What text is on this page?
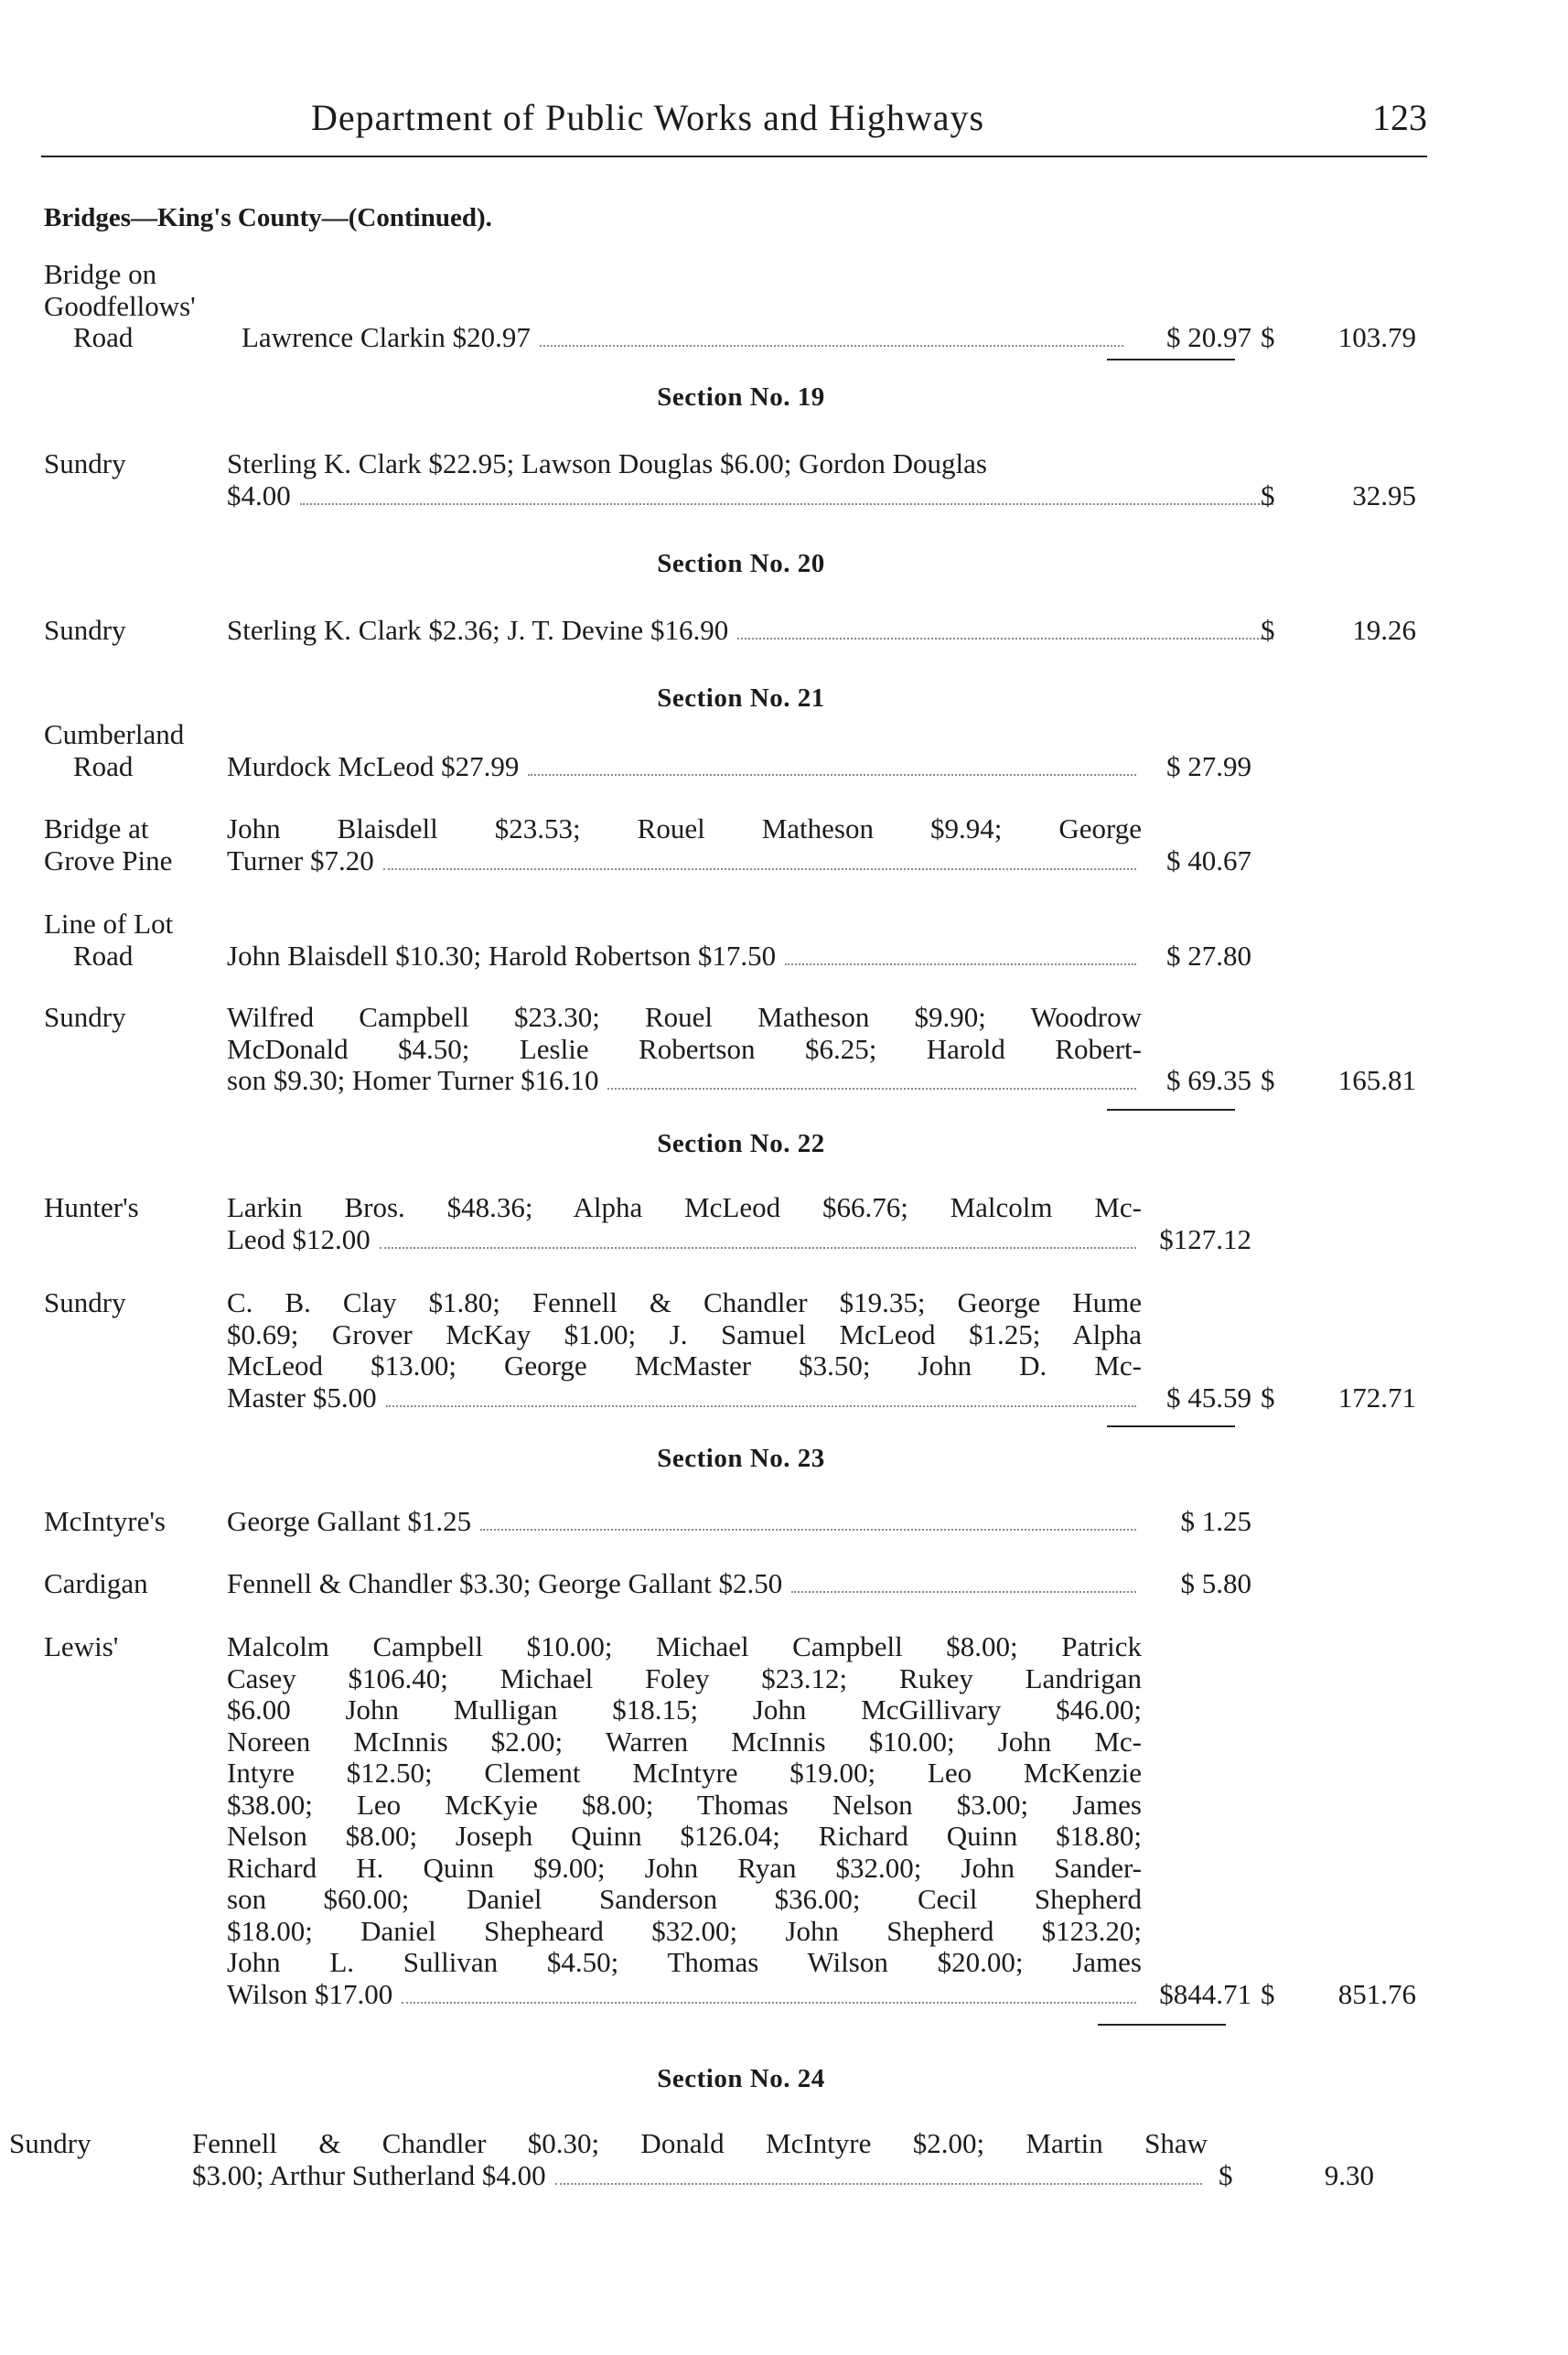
Department of Public Works and Highways	123
Bridges—King's County—(Continued).
Bridge on
Goodfellows'
Road	Lawrence Clarkin $20.97	$ 20.97 $ 103.79
Section No. 19
Sundry	Sterling K. Clark $22.95; Lawson Douglas $6.00; Gordon Douglas
$4.00	$	32.95
Section No. 20
Sundry	Sterling K. Clark $2.36; J. T. Devine $16.90	$	19.26
Section No. 21
Cumberland
Road	Murdock McLeod $27.99	$ 27.99
Bridge at
Grove Pine
John Blaisdell $23.53; Rouel Matheson $9.94; George
Turner $7.20	$ 40.67
Line of Lot
Road	John Blaisdell $10.30; Harold Robertson $17.50	$ 27.80
Sundry	Wilfred Campbell $23.30; Rouel Matheson $9.90; Woodrow
McDonald $4.50; Leslie Robertson $6.25; Harold Robert-
son $9.30; Homer Turner $16.10	$ 69.35 $ 165.81
Section No. 22
Hunter's	Larkin Bros. $48.36; Alpha McLeod $66.76; Malcolm Mc-
Leod $12.00	$127.12
Sundry	C. B. Clay $1.80; Fennell & Chandler $19.35; George Hume
$0.69; Grover McKay $1.00; J. Samuel McLeod $1.25; Alpha
McLeod $13.00; George McMaster $3.50; John D. Mc-
Master $5.00	$ 45.59 $ 172.71
Section No. 23
McIntyre's George Gallant $1.25	$ 1.25
Cardigan	Fennell & Chandler $3.30; George Gallant $2.50	$ 5.80
Lewis'	Malcolm Campbell $10.00; Michael Campbell $8.00; Patrick
Casey $106.40; Michael Foley $23.12; Rukey Landrigan
$6.00 John Mulligan $18.15; John McGillivary $46.00;
Noreen McInnis $2.00; Warren McInnis $10.00; John Mc-
Intyre $12.50; Clement McIntyre $19.00; Leo McKenzie
$38.00; Leo McKyie $8.00; Thomas Nelson $3.00; James
Nelson $8.00; Joseph Quinn $126.04; Richard Quinn $18.80;
Richard H. Quinn $9.00; John Ryan $32.00; John Sander-
son $60.00; Daniel Sanderson $36.00; Cecil Shepherd
$18.00; Daniel Shepheard $32.00; John Shepherd $123.20;
John L. Sullivan $4.50; Thomas Wilson $20.00; James
Wilson $17.00	$844.71 $ 851.76
Section No. 24
Sundry	Fennell & Chandler $0.30; Donald McIntyre $2.00; Martin Shaw
$3.00; Arthur Sutherland $4.00	$	9.30
